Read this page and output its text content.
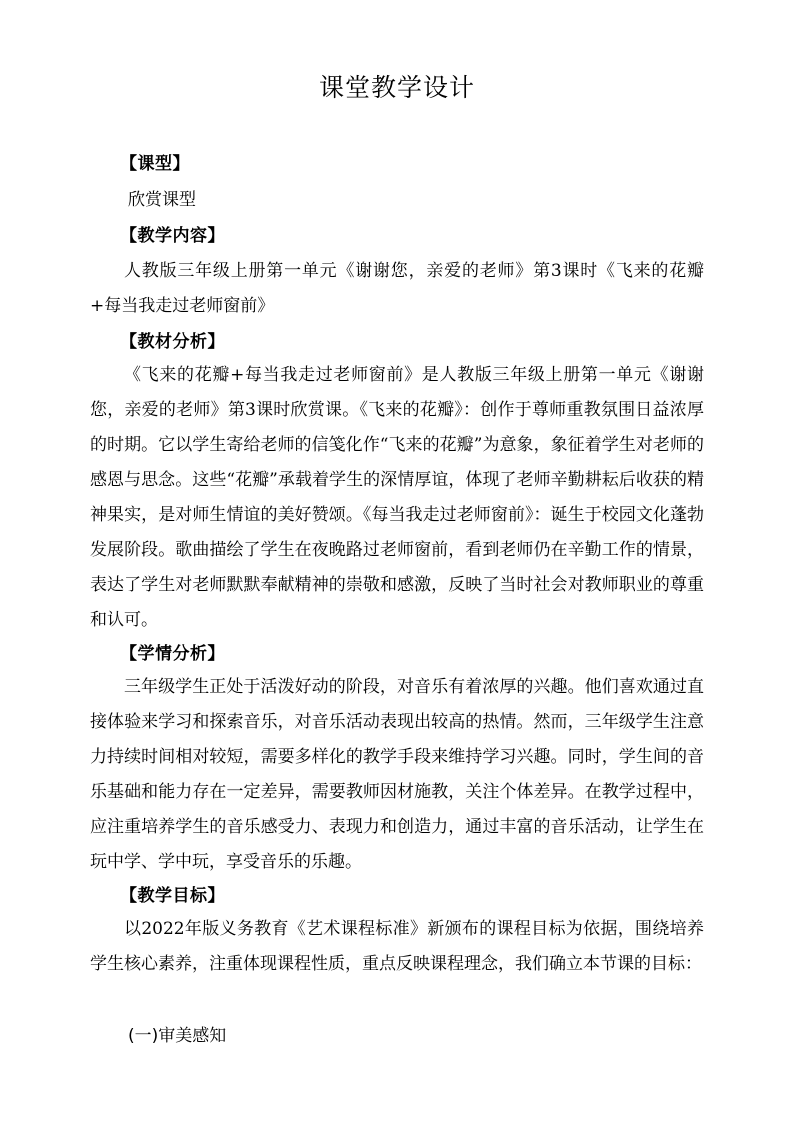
课堂教学设计
【课型】
欣赏课型
【教学内容】

人教版三年级上册第一单元《谢谢您，亲爱的老师》第3课时《飞来的花瓣+每当我走过老师窗前》

【教材分析】

《飞来的花瓣+每当我走过老师窗前》是人教版三年级上册第一单元《谢谢您，亲爱的老师》第3课时欣赏课。《飞来的花瓣》：创作于尊师重教氛围日益浓厚的时期。它以学生寄给老师的信笺化作“飞来的花瓣”为意象，象征着学生对老师的感恩与思念。这些“花瓣”承载着学生的深情厚谊，体现了老师辛勤耕耘后收获的精神果实，是对师生情谊的美好赞颂。《每当我走过老师窗前》：诞生于校园文化蓬勃发展阶段。歌曲描绘了学生在夜晚路过老师窗前，看到老师仍在辛勤工作的情景，表达了学生对老师默默奉献精神的崇敬和感激，反映了当时社会对教师职业的尊重和认可。

【学情分析】

三年级学生正处于活泼好动的阶段，对音乐有着浓厚的兴趣。他们喜欢通过直接体验来学习和探索音乐，对音乐活动表现出较高的热情。然而，三年级学生注意力持续时间相对较短，需要多样化的教学手段来维持学习兴趣。同时，学生间的音乐基础和能力存在一定差异，需要教师因材施教，关注个体差异。在教学过程中，应注重培养学生的音乐感受力、表现力和创造力，通过丰富的音乐活动，让学生在玩中学、学中玩，享受音乐的乐趣。

【教学目标】

以2022年版义务教育《艺术课程标准》新颁布的课程目标为依据，围绕培养学生核心素养，注重体现课程性质，重点反映课程理念，我们确立本节课的目标：

(一)审美感知
